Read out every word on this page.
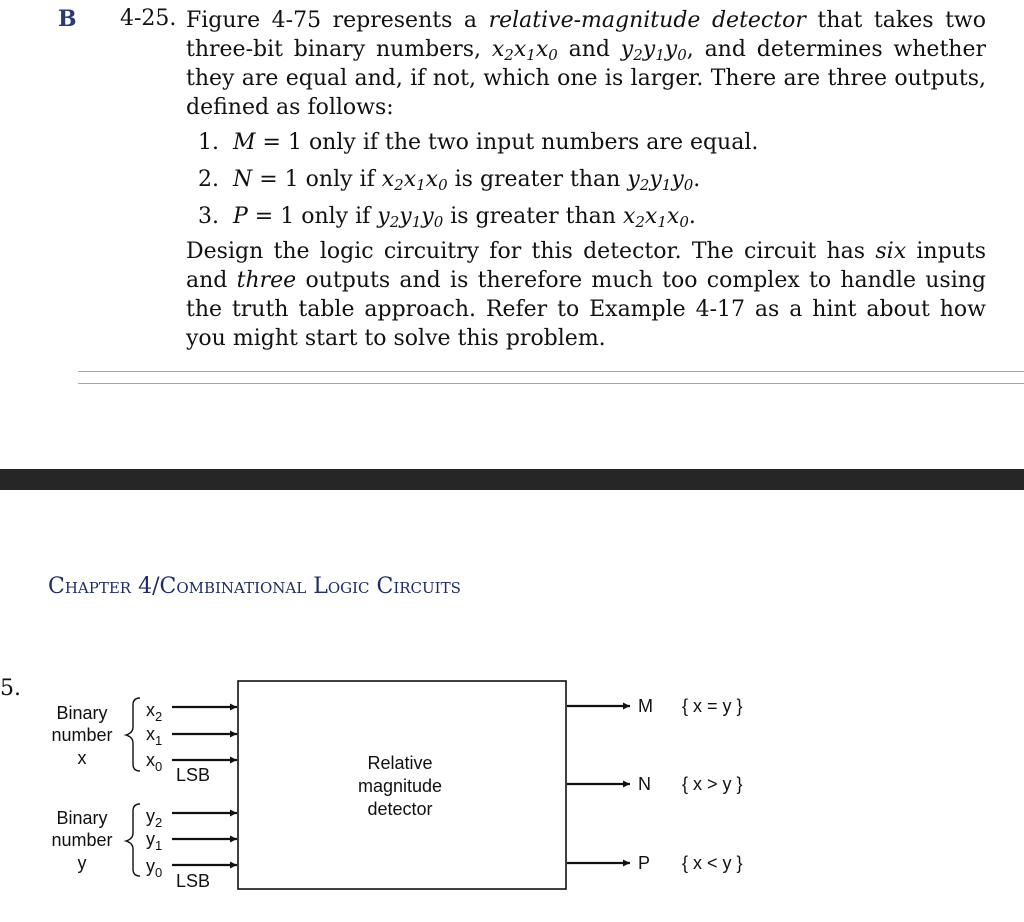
B 4-25. Figure 4-75 represents a relative-magnitude detector that takes two three-bit binary numbers, $x_2x_1x_0$ and $y_2y_1y_0$, and determines whether they are equal and, if not, which one is larger. There are three outputs, defined as follows:
1. M = 1 only if the two input numbers are equal.
2. N = 1 only if $x_2x_1x_0$ is greater than $y_2y_1y_0$.
3. P = 1 only if $y_2y_1y_0$ is greater than $x_2x_1x_0$.
Design the logic circuitry for this detector. The circuit has six inputs and three outputs and is therefore much too complex to handle using the truth table approach. Refer to Example 4-17 as a hint about how you might start to solve this problem.
Chapter 4/Combinational Logic Circuits
5.
Binary
number
x
Binary
number
y
$x_2$
$x_1$
$x_0$
$y_2$
$y_1$
$y_0$
LSB
LSB
Relative
magnitude
detector
M
N
P
{ x = y }
{ x > y }
{ x < y }
